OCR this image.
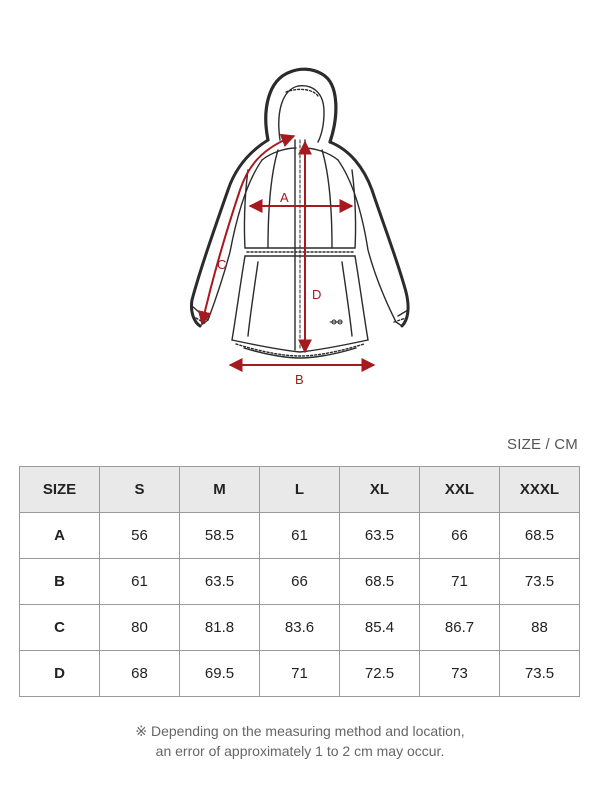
A
B
C
D
SIZE / CM
SIZE	S	M	L	XL	XXL	XXXL
A	56	58.5	61	63.5	66	68.5
B	61	63.5	66	68.5	71	73.5
C	80	81.8	83.6	85.4	86.7	88
D	68	69.5	71	72.5	73	73.5
※ Depending on the measuring method and location,
an error of approximately 1 to 2 cm may occur.
